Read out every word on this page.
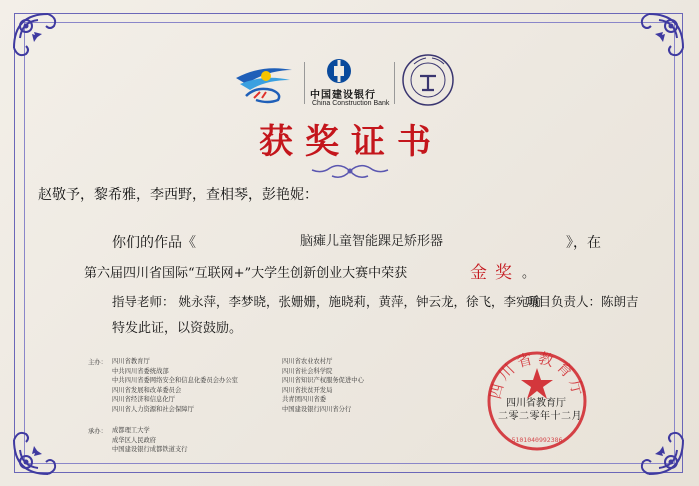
中国建设银行
China Construction Bank
获奖证书
赵敬予，黎希雅，李西野，查相琴，彭艳妮：
你们的作品《	脑瘫儿童智能踝足矫形器	》，在
第六届四川省国际“互联网+”大学生创新创业大赛中荣获	金奖 。
指导老师： 姚永萍，李梦晓，张姗姗，施晓莉，黄萍，钟云龙，徐飞，李宛瑜
项目负责人：陈朗吉
特发此证，以资鼓励。
主办： 四川省教育厅
中共四川省委统战部
中共四川省委网络安全和信息化委员会办公室
四川省发展和改革委员会
四川省经济和信息化厅
四川省人力资源和社会保障厅
四川省农业农村厅
四川省社会科学院
四川省知识产权服务促进中心
四川省扶贫开发局
共青团四川省委
中国建设银行四川省分行
承办： 成都理工大学
成华区人民政府
中国建设银行成都铁道支行
四川省教育厅
5101040992386
四川省教育厅
二零二零年十二月
